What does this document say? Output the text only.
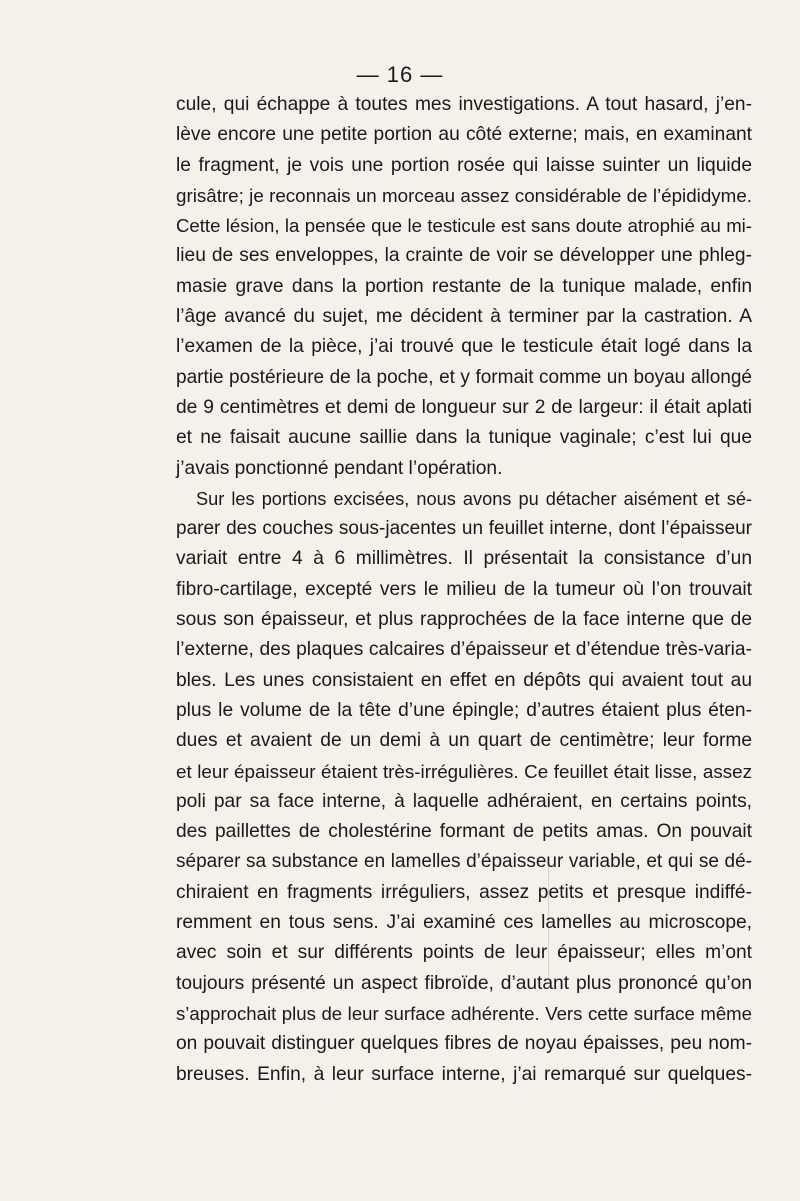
— 16 —
cule, qui échappe à toutes mes investigations. A tout hasard, j’en-
lève encore une petite portion au côté externe; mais, en examinant
le fragment, je vois une portion rosée qui laisse suinter un liquide
grisâtre; je reconnais un morceau assez considérable de l’épididyme.
Cette lésion, la pensée que le testicule est sans doute atrophié au mi-
lieu de ses enveloppes, la crainte de voir se développer une phleg-
masie grave dans la portion restante de la tunique malade, enfin
l’âge avancé du sujet, me décident à terminer par la castration. A
l’examen de la pièce, j’ai trouvé que le testicule était logé dans la
partie postérieure de la poche, et y formait comme un boyau allongé
de 9 centimètres et demi de longueur sur 2 de largeur: il était aplati
et ne faisait aucune saillie dans la tunique vaginale; c’est lui que
j’avais ponctionné pendant l’opération.
Sur les portions excisées, nous avons pu détacher aisément et sé-
parer des couches sous-jacentes un feuillet interne, dont l’épaisseur
variait entre 4 à 6 millimètres. Il présentait la consistance d’un
fibro-cartilage, excepté vers le milieu de la tumeur où l’on trouvait
sous son épaisseur, et plus rapprochées de la face interne que de
l’externe, des plaques calcaires d’épaisseur et d’étendue très-varia-
bles. Les unes consistaient en effet en dépôts qui avaient tout au
plus le volume de la tête d’une épingle; d’autres étaient plus éten-
dues et avaient de un demi à un quart de centimètre; leur forme
et leur épaisseur étaient très-irrégulières. Ce feuillet était lisse, assez
poli par sa face interne, à laquelle adhéraient, en certains points,
des paillettes de cholestérine formant de petits amas. On pouvait
séparer sa substance en lamelles d’épaisseur variable, et qui se dé-
chiraient en fragments irréguliers, assez petits et presque indiffé-
remment en tous sens. J’ai examiné ces lamelles au microscope,
avec soin et sur différents points de leur épaisseur; elles m’ont
toujours présenté un aspect fibroïde, d’autant plus prononcé qu’on
s’approchait plus de leur surface adhérente. Vers cette surface même
on pouvait distinguer quelques fibres de noyau épaisses, peu nom-
breuses. Enfin, à leur surface interne, j’ai remarqué sur quelques-
